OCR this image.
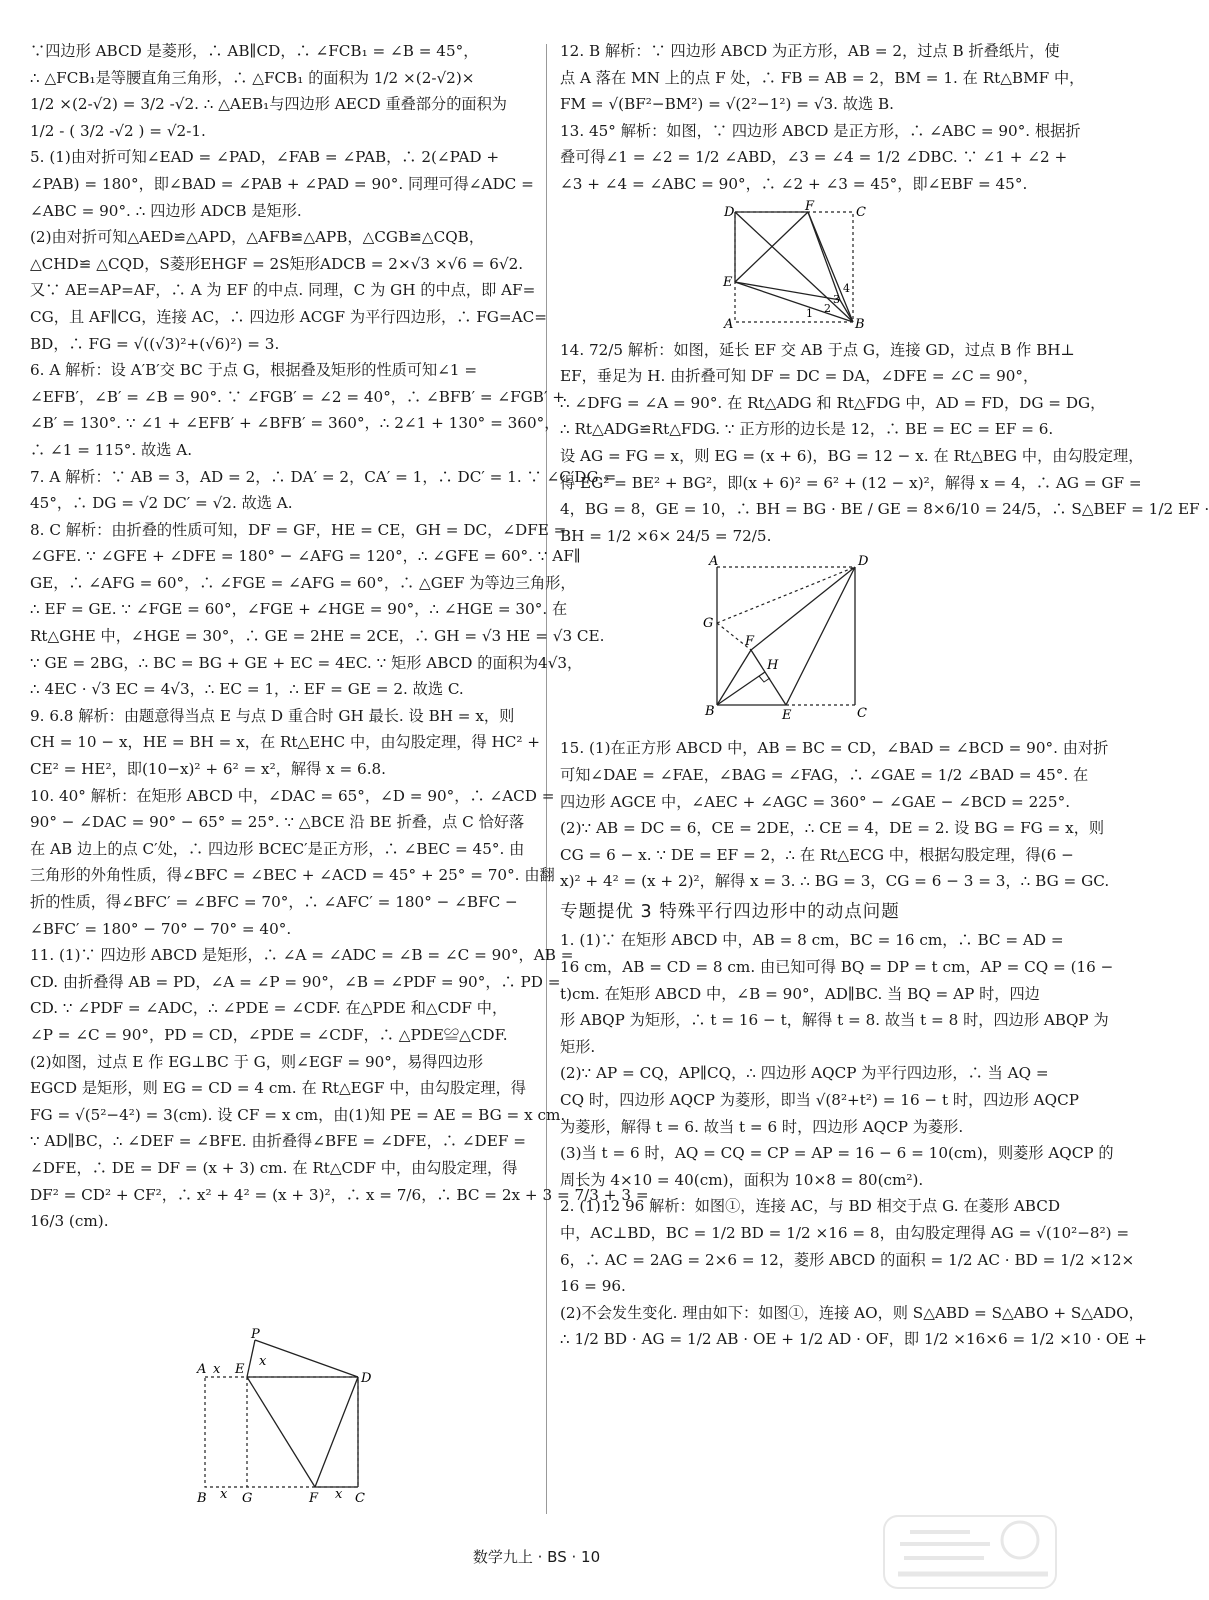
∵四边形 ABCD 是菱形，∴ AB∥CD，∴ ∠FCB₁ = ∠B = 45°，

∴ △FCB₁是等腰直角三角形，∴ △FCB₁ 的面积为 1/2 ×(2-√2)×

1/2 ×(2-√2) = 3/2 -√2. ∴ △AEB₁与四边形 AECD 重叠部分的面积为

1/2 - ( 3/2 -√2 ) = √2-1.

5. (1)由对折可知∠EAD = ∠PAD，∠FAB = ∠PAB，∴ 2(∠PAD +

∠PAB) = 180°，即∠BAD = ∠PAB + ∠PAD = 90°. 同理可得∠ADC =

∠ABC = 90°. ∴ 四边形 ADCB 是矩形.

(2)由对折可知△AED≌△APD，△AFB≌△APB，△CGB≌△CQB，

△CHD≌ △CQD，S菱形EHGF = 2S矩形ADCB = 2×√3 ×√6 = 6√2.

又∵ AE=AP=AF，∴ A 为 EF 的中点. 同理，C 为 GH 的中点，即 AF=

CG，且 AF∥CG，连接 AC，∴ 四边形 ACGF 为平行四边形，∴ FG=AC=

BD，∴ FG = √((√3)²+(√6)²) = 3.

6. A 解析：设 A′B′交 BC 于点 G，根据叠及矩形的性质可知∠1 =

∠EFB′，∠B′ = ∠B = 90°. ∵ ∠FGB′ = ∠2 = 40°，∴ ∠BFB′ = ∠FGB′ +

∠B′ = 130°. ∵ ∠1 + ∠EFB′ + ∠BFB′ = 360°，∴ 2∠1 + 130° = 360°，

∴ ∠1 = 115°. 故选 A.

7. A 解析：∵ AB = 3，AD = 2，∴ DA′ = 2，CA′ = 1，∴ DC′ = 1. ∵ ∠C′DG =

45°，∴ DG = √2 DC′ = √2. 故选 A.

8. C 解析：由折叠的性质可知，DF = GF，HE = CE，GH = DC，∠DFE =

∠GFE. ∵ ∠GFE + ∠DFE = 180° − ∠AFG = 120°，∴ ∠GFE = 60°. ∵ AF∥

GE，∴ ∠AFG = 60°，∴ ∠FGE = ∠AFG = 60°，∴ △GEF 为等边三角形，

∴ EF = GE. ∵ ∠FGE = 60°，∠FGE + ∠HGE = 90°，∴ ∠HGE = 30°. 在

Rt△GHE 中，∠HGE = 30°，∴ GE = 2HE = 2CE，∴ GH = √3 HE = √3 CE.

∵ GE = 2BG，∴ BC = BG + GE + EC = 4EC. ∵ 矩形 ABCD 的面积为4√3，

∴ 4EC · √3 EC = 4√3，∴ EC = 1，∴ EF = GE = 2. 故选 C.

9. 6.8 解析：由题意得当点 E 与点 D 重合时 GH 最长. 设 BH = x，则

CH = 10 − x，HE = BH = x，在 Rt△EHC 中，由勾股定理，得 HC² +

CE² = HE²，即(10−x)² + 6² = x²，解得 x = 6.8.

10. 40° 解析：在矩形 ABCD 中，∠DAC = 65°，∠D = 90°，∴ ∠ACD =

90° − ∠DAC = 90° − 65° = 25°. ∵ △BCE 沿 BE 折叠，点 C 恰好落

在 AB 边上的点 C′处，∴ 四边形 BCEC′是正方形，∴ ∠BEC = 45°. 由

三角形的外角性质，得∠BFC = ∠BEC + ∠ACD = 45° + 25° = 70°. 由翻

折的性质，得∠BFC′ = ∠BFC = 70°，∴ ∠AFC′ = 180° − ∠BFC −

∠BFC′ = 180° − 70° − 70° = 40°.

11. (1)∵ 四边形 ABCD 是矩形，∴ ∠A = ∠ADC = ∠B = ∠C = 90°，AB =

CD. 由折叠得 AB = PD，∠A = ∠P = 90°，∠B = ∠PDF = 90°，∴ PD =

CD. ∵ ∠PDF = ∠ADC，∴ ∠PDE = ∠CDF. 在△PDE 和△CDF 中，

∠P = ∠C = 90°，PD = CD，∠PDE = ∠CDF，∴ △PDE≌△CDF.

(2)如图，过点 E 作 EG⊥BC 于 G，则∠EGF = 90°，易得四边形

EGCD 是矩形，则 EG = CD = 4 cm. 在 Rt△EGF 中，由勾股定理，得

FG = √(5²−4²) = 3(cm). 设 CF = x cm，由(1)知 PE = AE = BG = x cm.

∵ AD∥BC，∴ ∠DEF = ∠BFE. 由折叠得∠BFE = ∠DFE，∴ ∠DEF =

∠DFE，∴ DE = DF = (x + 3) cm. 在 Rt△CDF 中，由勾股定理，得

DF² = CD² + CF²，∴ x² + 4² = (x + 3)²，∴ x = 7/6，∴ BC = 2x + 3 = 7/3 + 3 =

16/3 (cm).

12. B 解析：∵ 四边形 ABCD 为正方形，AB = 2，过点 B 折叠纸片，使

点 A 落在 MN 上的点 F 处，∴ FB = AB = 2，BM = 1. 在 Rt△BMF 中，

FM = √(BF²−BM²) = √(2²−1²) = √3. 故选 B.

13. 45° 解析：如图，∵ 四边形 ABCD 是正方形，∴ ∠ABC = 90°. 根据折

叠可得∠1 = ∠2 = 1/2 ∠ABD，∠3 = ∠4 = 1/2 ∠DBC. ∵ ∠1 + ∠2 +

∠3 + ∠4 = ∠ABC = 90°，∴ ∠2 + ∠3 = 45°，即∠EBF = 45°.

D	F	C
E
A	B
1 2
3
4

14. 72/5 解析：如图，延长 EF 交 AB 于点 G，连接 GD，过点 B 作 BH⊥

EF，垂足为 H. 由折叠可知 DF = DC = DA，∠DFE = ∠C = 90°，

∴ ∠DFG = ∠A = 90°. 在 Rt△ADG 和 Rt△FDG 中，AD = FD，DG = DG，

∴ Rt△ADG≌Rt△FDG. ∵ 正方形的边长是 12，∴ BE = EC = EF = 6.

设 AG = FG = x，则 EG = (x + 6)，BG = 12 − x. 在 Rt△BEG 中，由勾股定理，

得 EG² = BE² + BG²，即(x + 6)² = 6² + (12 − x)²，解得 x = 4，∴ AG = GF =

4，BG = 8，GE = 10，∴ BH = BG · BE / GE = 8×6/10 = 24/5，∴ S△BEF = 1/2 EF ·

BH = 1/2 ×6× 24/5 = 72/5.

A	D
G
F
H
B	E	C

15. (1)在正方形 ABCD 中，AB = BC = CD，∠BAD = ∠BCD = 90°. 由对折

可知∠DAE = ∠FAE，∠BAG = ∠FAG，∴ ∠GAE = 1/2 ∠BAD = 45°. 在

四边形 AGCE 中，∠AEC + ∠AGC = 360° − ∠GAE − ∠BCD = 225°.

(2)∵ AB = DC = 6，CE = 2DE，∴ CE = 4，DE = 2. 设 BG = FG = x，则

CG = 6 − x. ∵ DE = EF = 2，∴ 在 Rt△ECG 中，根据勾股定理，得(6 −

x)² + 4² = (x + 2)²，解得 x = 3. ∴ BG = 3，CG = 6 − 3 = 3，∴ BG = GC.

专题提优 3 特殊平行四边形中的动点问题

1. (1)∵ 在矩形 ABCD 中，AB = 8 cm，BC = 16 cm，∴ BC = AD =

16 cm，AB = CD = 8 cm. 由已知可得 BQ = DP = t cm，AP = CQ = (16 −

t)cm. 在矩形 ABCD 中，∠B = 90°，AD∥BC. 当 BQ = AP 时，四边

形 ABQP 为矩形，∴ t = 16 − t，解得 t = 8. 故当 t = 8 时，四边形 ABQP 为

矩形.

(2)∵ AP = CQ，AP∥CQ，∴ 四边形 AQCP 为平行四边形，∴ 当 AQ =

CQ 时，四边形 AQCP 为菱形，即当 √(8²+t²) = 16 − t 时，四边形 AQCP

为菱形，解得 t = 6. 故当 t = 6 时，四边形 AQCP 为菱形.

(3)当 t = 6 时，AQ = CQ = CP = AP = 16 − 6 = 10(cm)，则菱形 AQCP 的

周长为 4×10 = 40(cm)，面积为 10×8 = 80(cm²).

2. (1)12 96 解析：如图①，连接 AC，与 BD 相交于点 G. 在菱形 ABCD

中，AC⊥BD，BC = 1/2 BD = 1/2 ×16 = 8，由勾股定理得 AG = √(10²−8²) =

6，∴ AC = 2AG = 2×6 = 12，菱形 ABCD 的面积 = 1/2 AC · BD = 1/2 ×12×

16 = 96.

(2)不会发生变化. 理由如下：如图①，连接 AO，则 S△ABD = S△ABO + S△ADO，

∴ 1/2 BD · AG = 1/2 AB · OE + 1/2 AD · OF，即 1/2 ×16×6 = 1/2 ×10 · OE +

P
A x E
x
D
B x G	F x C
数学九上 · BS · 10
